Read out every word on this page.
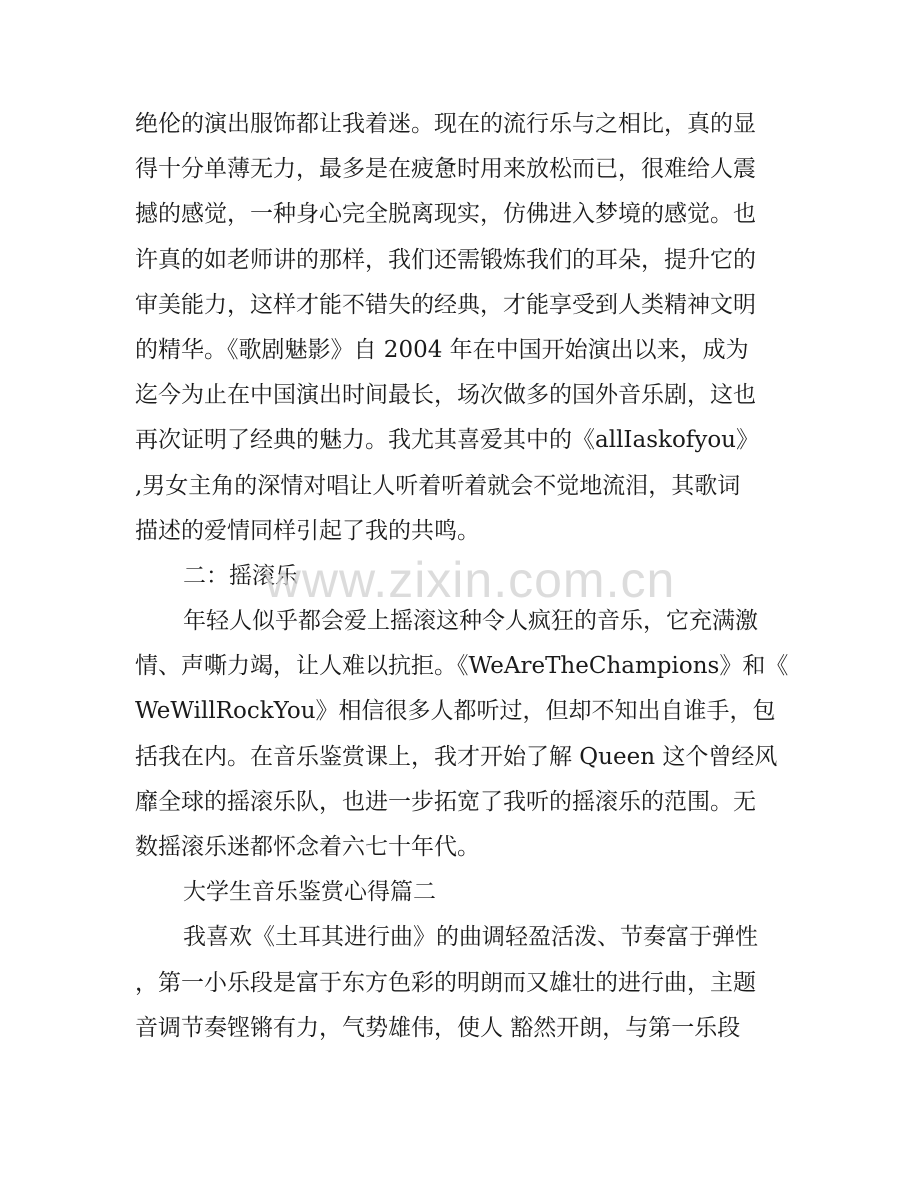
绝伦的演出服饰都让我着迷。现在的流行乐与之相比，真的显
得十分单薄无力，最多是在疲惫时用来放松而已，很难给人震
撼的感觉，一种身心完全脱离现实，仿佛进入梦境的感觉。也
许真的如老师讲的那样，我们还需锻炼我们的耳朵，提升它的
审美能力，这样才能不错失的经典，才能享受到人类精神文明
的精华。《歌剧魅影》自 2004 年在中国开始演出以来，成为
迄今为止在中国演出时间最长，场次做多的国外音乐剧，这也
再次证明了经典的魅力。我尤其喜爱其中的《allIaskofyou》
,男女主角的深情对唱让人听着听着就会不觉地流泪，其歌词
描述的爱情同样引起了我的共鸣。
二：摇滚乐
年轻人似乎都会爱上摇滚这种令人疯狂的音乐，它充满激
情、声嘶力竭，让人难以抗拒。《WeAreTheChampions》和《
WeWillRockYou》相信很多人都听过，但却不知出自谁手，包
括我在内。在音乐鉴赏课上，我才开始了解 Queen 这个曾经风
靡全球的摇滚乐队，也进一步拓宽了我听的摇滚乐的范围。无
数摇滚乐迷都怀念着六七十年代。
大学生音乐鉴赏心得篇二
我喜欢《土耳其进行曲》的曲调轻盈活泼、节奏富于弹性
，第一小乐段是富于东方色彩的明朗而又雄壮的进行曲，主题
音调节奏铿锵有力，气势雄伟，使人 豁然开朗，与第一乐段
www.zixin.com.cn
